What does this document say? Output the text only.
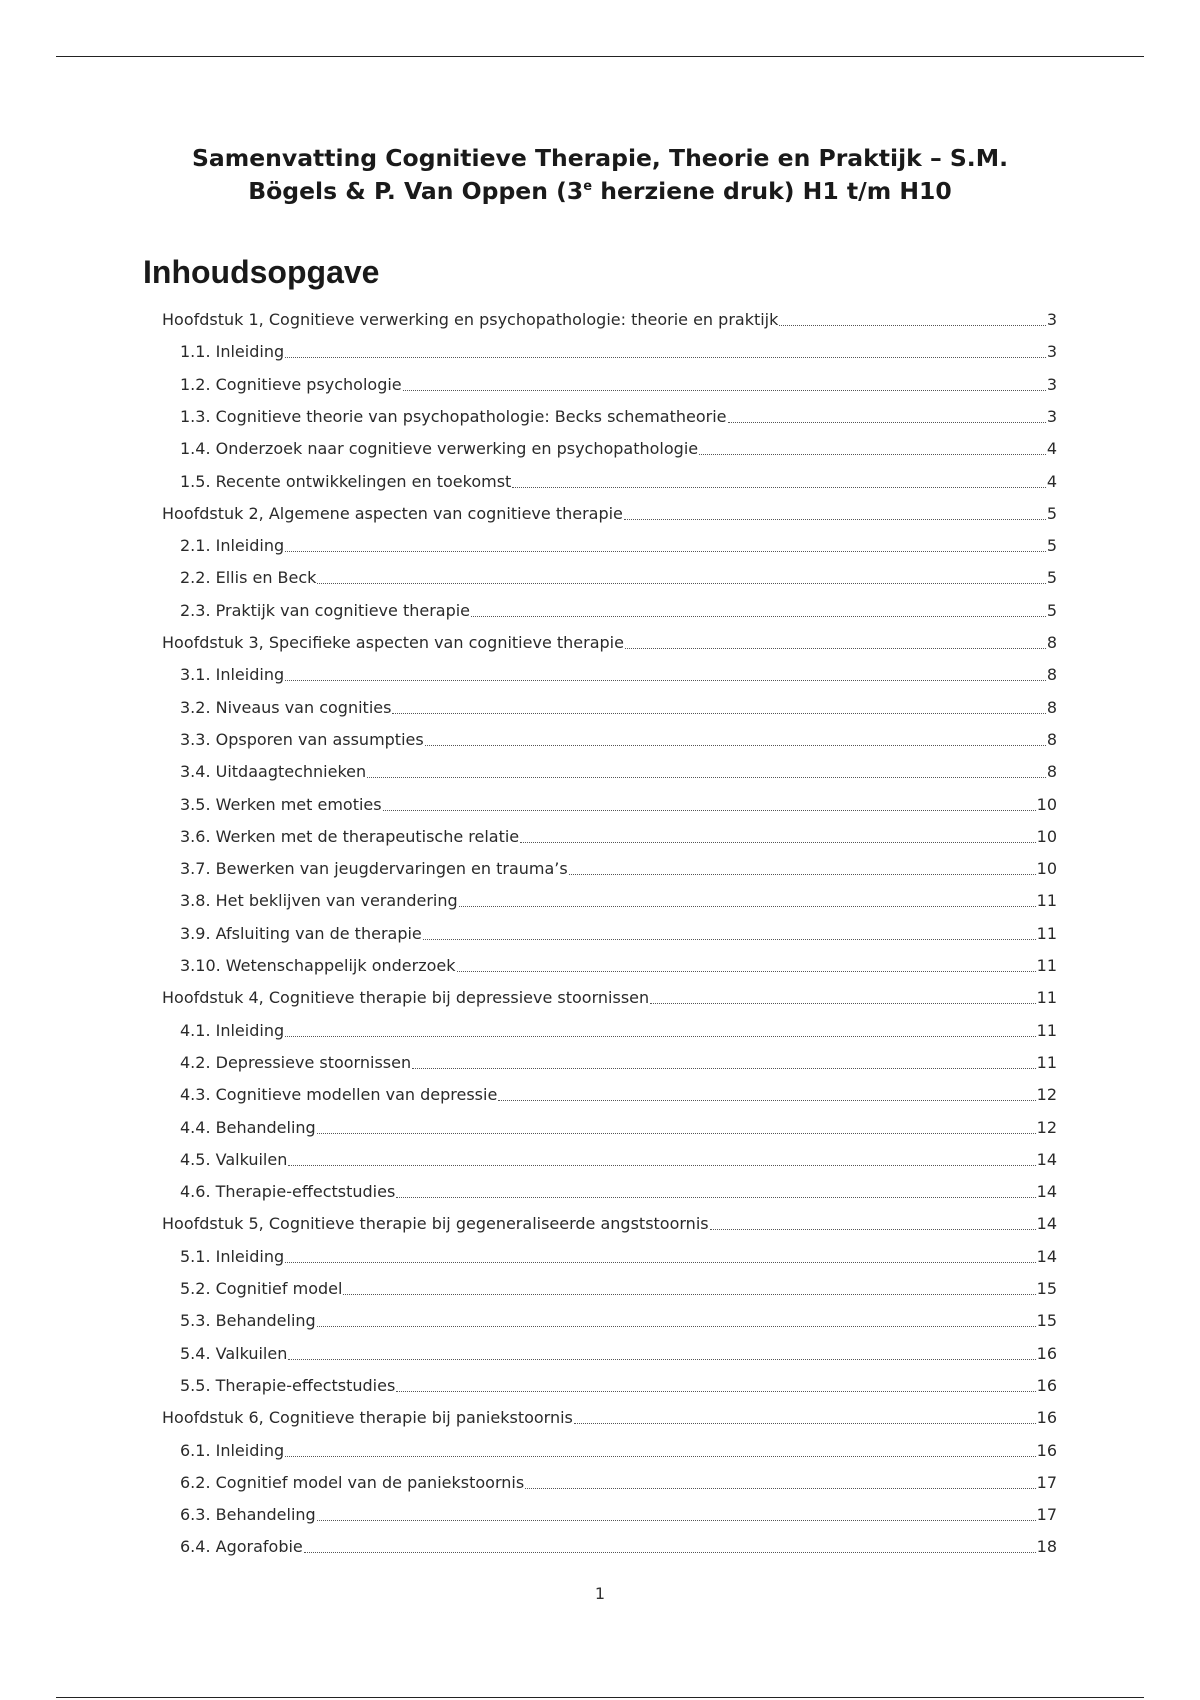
Samenvatting Cognitieve Therapie, Theorie en Praktijk – S.M.
Bögels & P. Van Oppen (3e herziene druk) H1 t/m H10
Inhoudsopgave
Hoofdstuk 1, Cognitieve verwerking en psychopathologie: theorie en praktijk	3
1.1. Inleiding	3
1.2. Cognitieve psychologie	3
1.3. Cognitieve theorie van psychopathologie: Becks schematheorie	3
1.4. Onderzoek naar cognitieve verwerking en psychopathologie	4
1.5. Recente ontwikkelingen en toekomst	4
Hoofdstuk 2, Algemene aspecten van cognitieve therapie	5
2.1. Inleiding	5
2.2. Ellis en Beck	5
2.3. Praktijk van cognitieve therapie	5
Hoofdstuk 3, Specifieke aspecten van cognitieve therapie	8
3.1. Inleiding	8
3.2. Niveaus van cognities	8
3.3. Opsporen van assumpties	8
3.4. Uitdaagtechnieken	8
3.5. Werken met emoties	10
3.6. Werken met de therapeutische relatie	10
3.7. Bewerken van jeugdervaringen en trauma’s	10
3.8. Het beklijven van verandering	11
3.9. Afsluiting van de therapie	11
3.10. Wetenschappelijk onderzoek	11
Hoofdstuk 4, Cognitieve therapie bij depressieve stoornissen	11
4.1. Inleiding	11
4.2. Depressieve stoornissen	11
4.3. Cognitieve modellen van depressie	12
4.4. Behandeling	12
4.5. Valkuilen	14
4.6. Therapie-effectstudies	14
Hoofdstuk 5, Cognitieve therapie bij gegeneraliseerde angststoornis	14
5.1. Inleiding	14
5.2. Cognitief model	15
5.3. Behandeling	15
5.4. Valkuilen	16
5.5. Therapie-effectstudies	16
Hoofdstuk 6, Cognitieve therapie bij paniekstoornis	16
6.1. Inleiding	16
6.2. Cognitief model van de paniekstoornis	17
6.3. Behandeling	17
6.4. Agorafobie	18
1
